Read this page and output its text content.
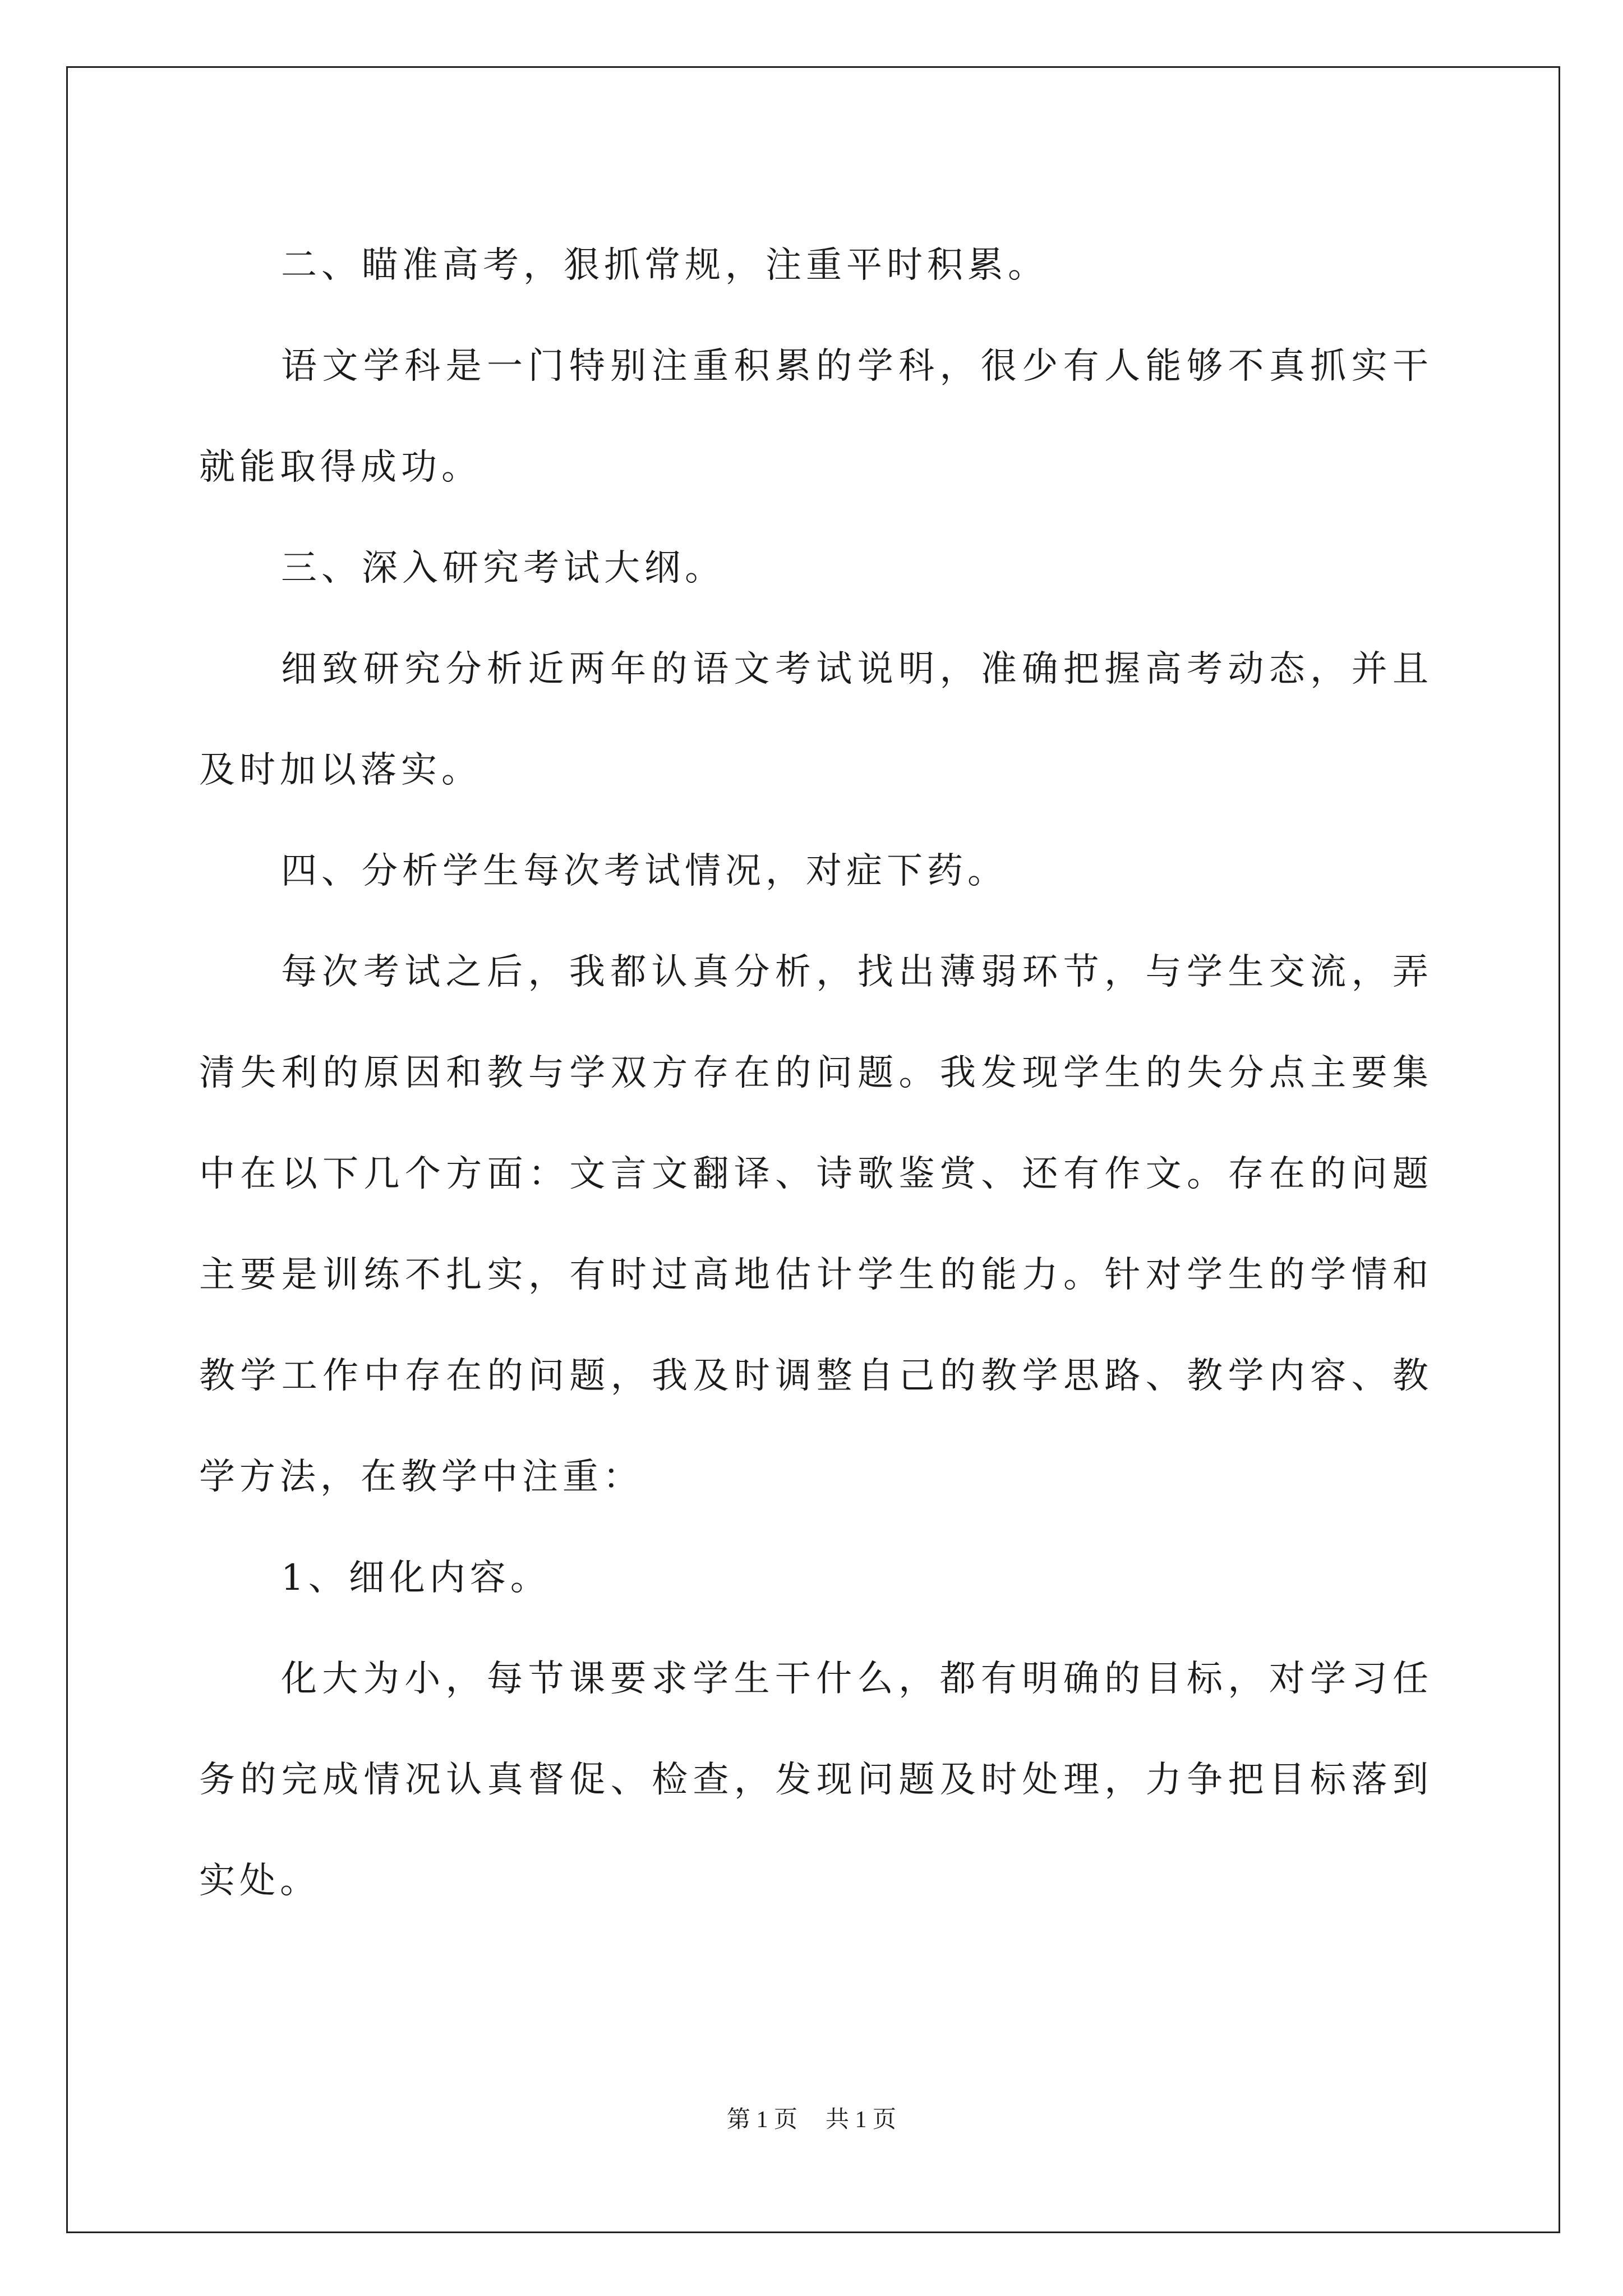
二、瞄准高考，狠抓常规，注重平时积累。

语文学科是一门特别注重积累的学科，很少有人能够不真抓实干就能取得成功。

三、深入研究考试大纲。

细致研究分析近两年的语文考试说明，准确把握高考动态，并且及时加以落实。

四、分析学生每次考试情况，对症下药。

每次考试之后，我都认真分析，找出薄弱环节，与学生交流，弄清失利的原因和教与学双方存在的问题。我发现学生的失分点主要集中在以下几个方面：文言文翻译、诗歌鉴赏、还有作文。存在的问题主要是训练不扎实，有时过高地估计学生的能力。针对学生的学情和教学工作中存在的问题，我及时调整自己的教学思路、教学内容、教学方法，在教学中注重：

1、细化内容。

化大为小，每节课要求学生干什么，都有明确的目标，对学习任务的完成情况认真督促、检查，发现问题及时处理，力争把目标落到实处。

第 1 页 共 1 页
